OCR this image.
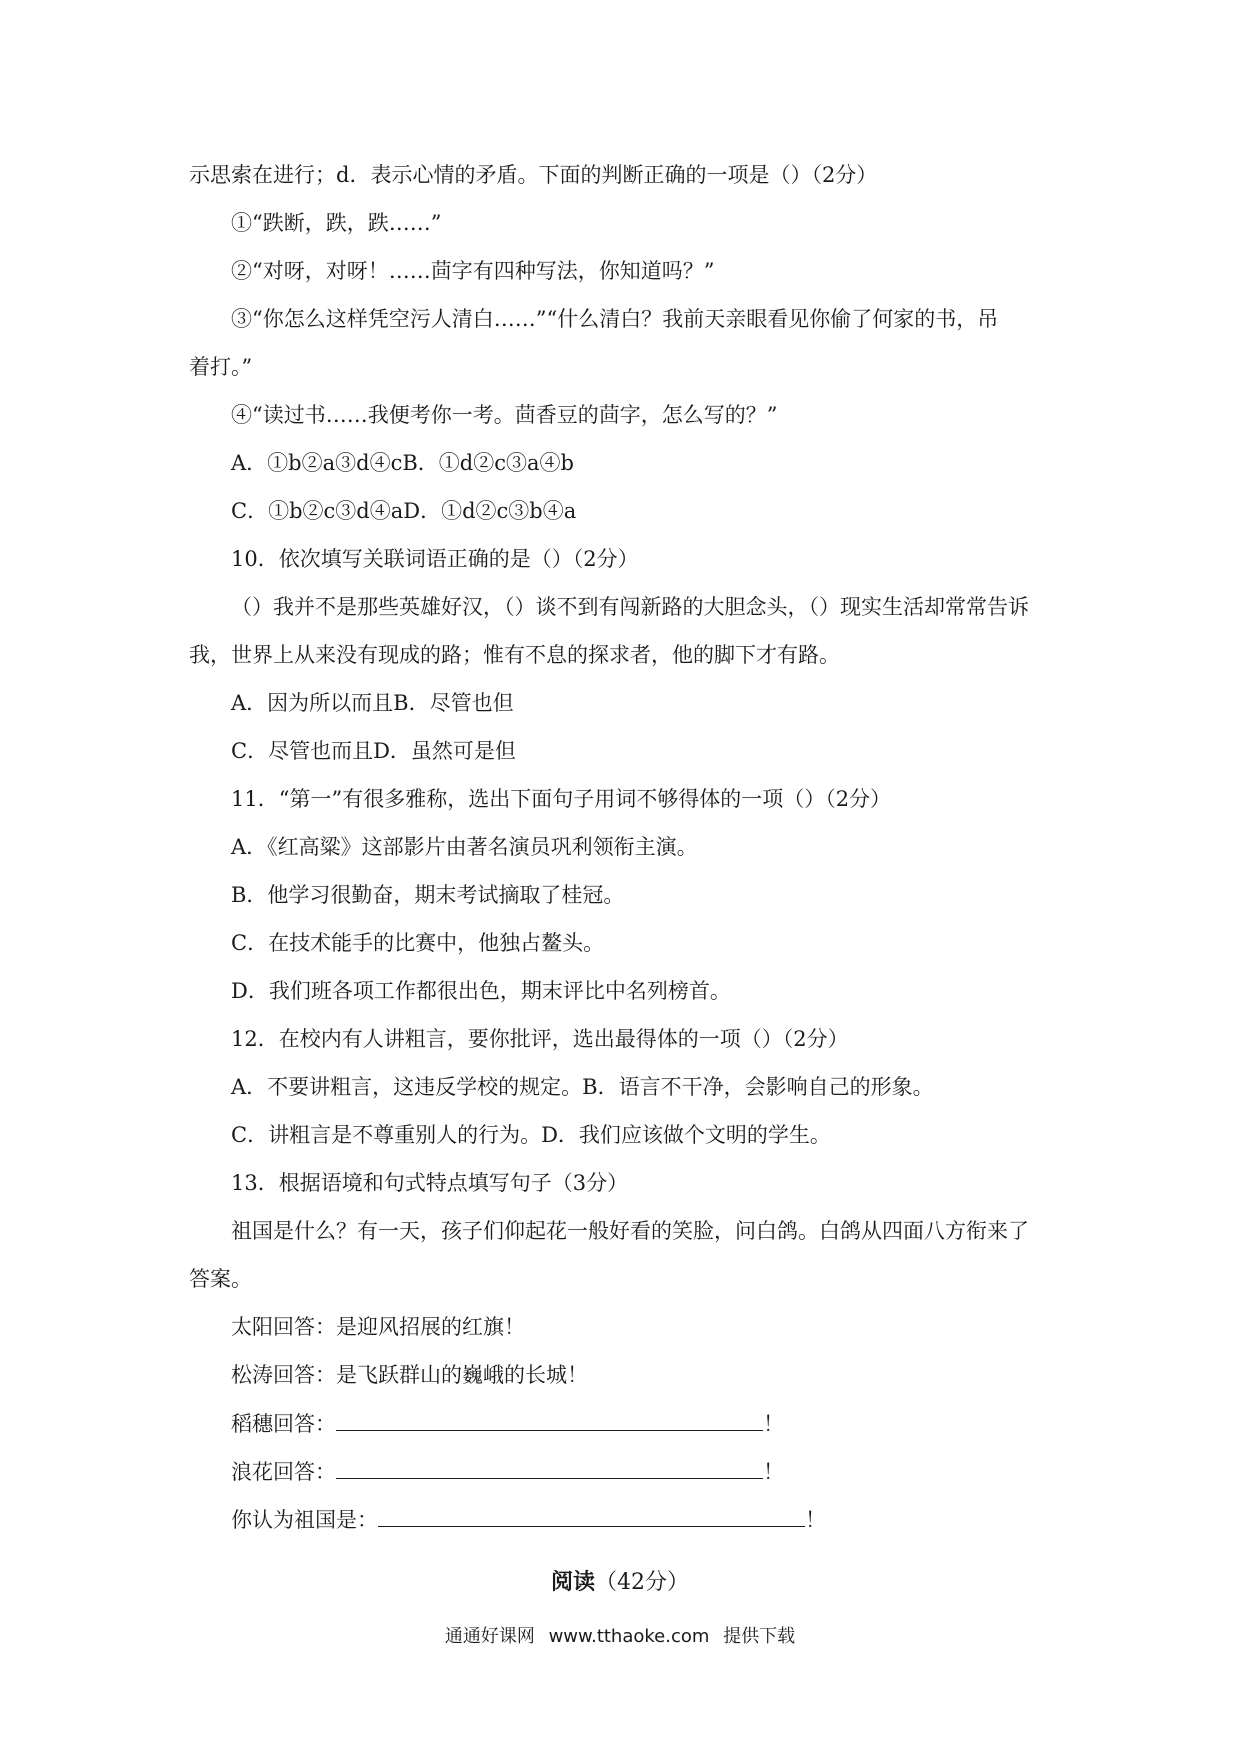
示思索在进行；d．表示心情的矛盾。下面的判断正确的一项是（）（2分）
①“跌断，跌，跌……”
②“对呀，对呀！……茴字有四种写法，你知道吗？”
③“你怎么这样凭空污人清白……”“什么清白？我前天亲眼看见你偷了何家的书，吊
着打。”
④“读过书……我便考你一考。茴香豆的茴字，怎么写的？”
A．①b②a③d④cB．①d②c③a④b
C．①b②c③d④aD．①d②c③b④a
10．依次填写关联词语正确的是（）（2分）
（）我并不是那些英雄好汉，（）谈不到有闯新路的大胆念头，（）现实生活却常常告诉
我，世界上从来没有现成的路；惟有不息的探求者，他的脚下才有路。
A．因为所以而且B．尽管也但
C．尽管也而且D．虽然可是但
11．“第一”有很多雅称，选出下面句子用词不够得体的一项（）（2分）
A．《红高粱》这部影片由著名演员巩利领衔主演。
B．他学习很勤奋，期末考试摘取了桂冠。
C．在技术能手的比赛中，他独占鳌头。
D．我们班各项工作都很出色，期末评比中名列榜首。
12．在校内有人讲粗言，要你批评，选出最得体的一项（）（2分）
A．不要讲粗言，这违反学校的规定。B．语言不干净，会影响自己的形象。
C．讲粗言是不尊重别人的行为。D．我们应该做个文明的学生。
13．根据语境和句式特点填写句子（3分）
祖国是什么？有一天，孩子们仰起花一般好看的笑脸，问白鸽。白鸽从四面八方衔来了
答案。
太阳回答：是迎风招展的红旗！
松涛回答：是飞跃群山的巍峨的长城！
稻穗回答：	！
浪花回答：	！
你认为祖国是：	！
阅读（42分）
通通好课网 www.tthaoke.com 提供下载
